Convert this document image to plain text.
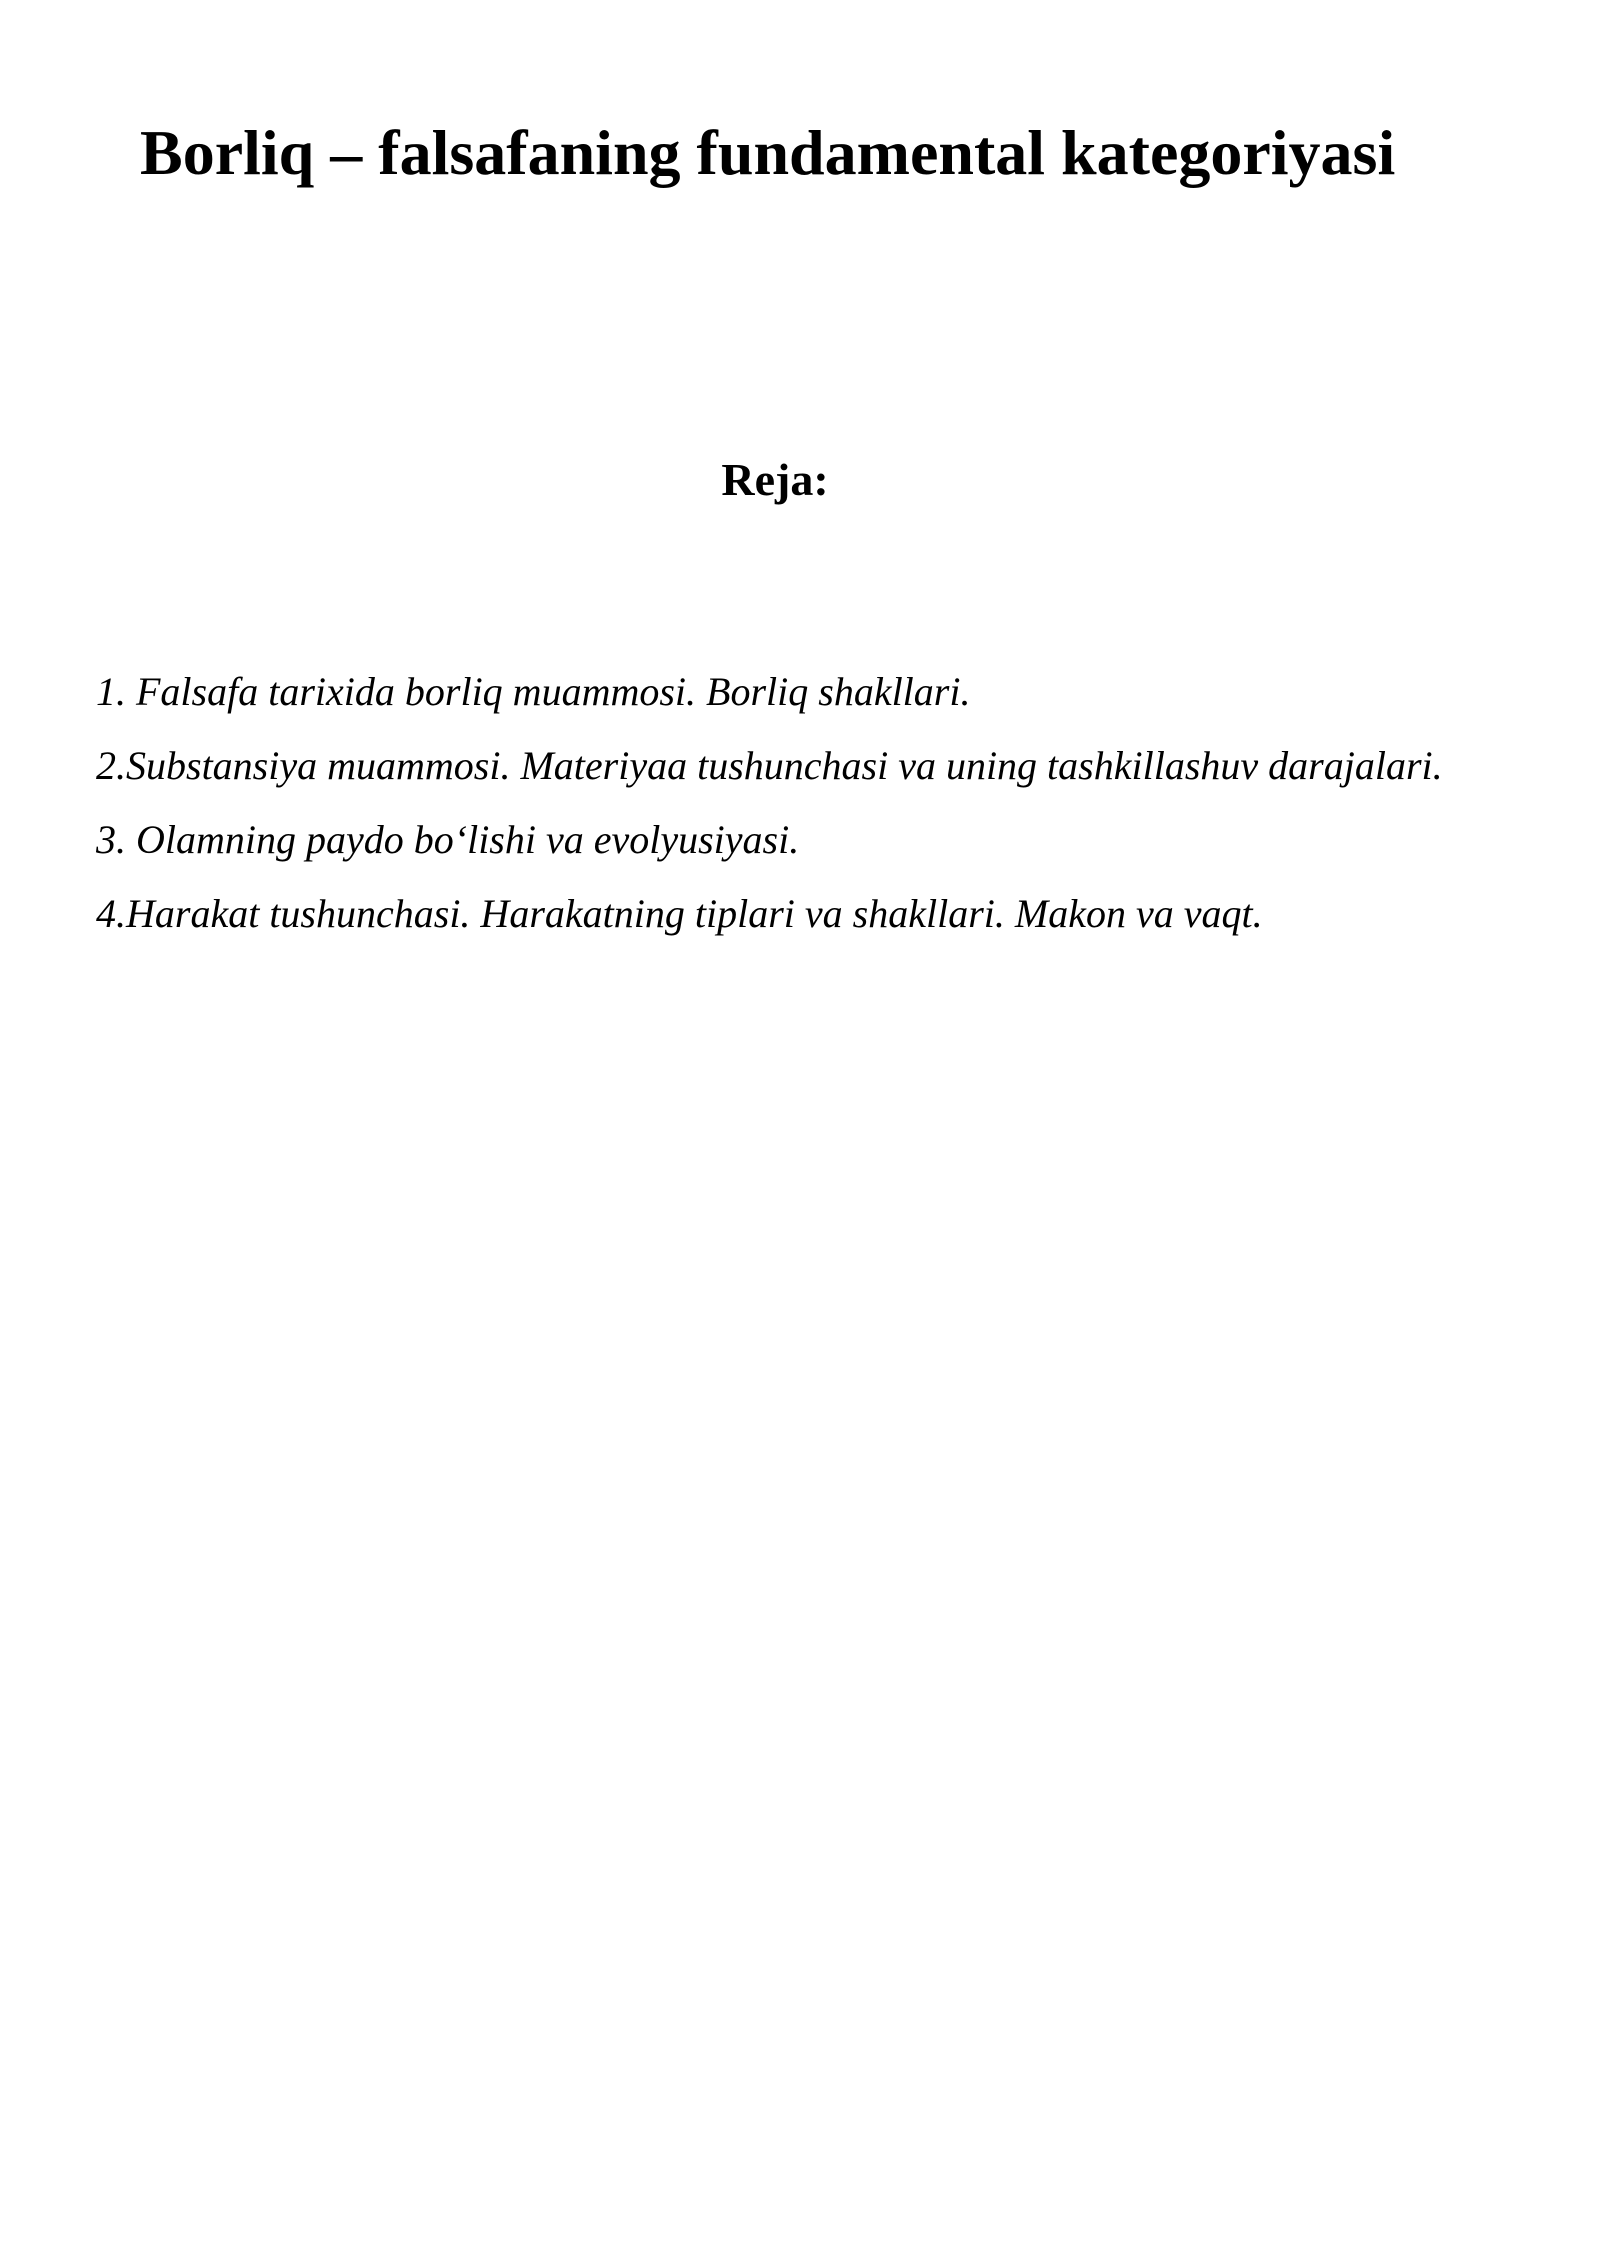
Borliq – falsafaning fundamental kategoriyasi
Reja:
1. Falsafa tarixida borliq muammosi. Borliq shakllari.
2.Substansiya muammosi. Materiyaa tushunchasi va uning tashkillashuv darajalari.
3. Olamning paydo bo‘lishi va evolyusiyasi.
4.Harakat tushunchasi. Harakatning tiplari va shakllari. Makon va vaqt.
